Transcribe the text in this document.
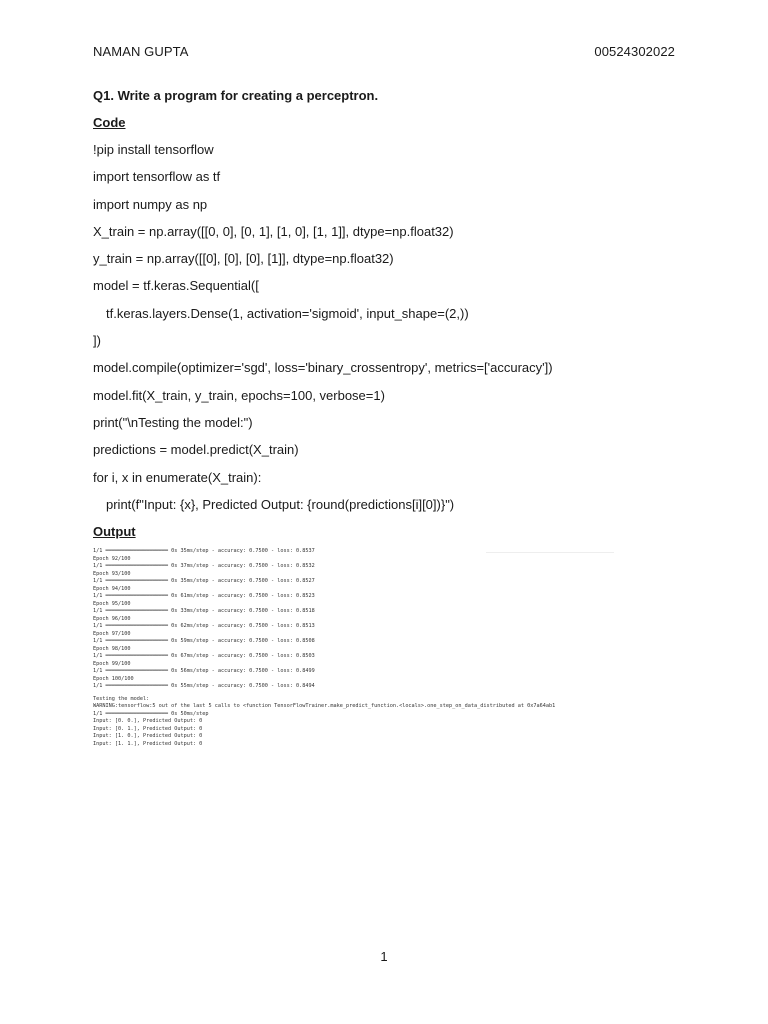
NAMAN GUPTA	00524302022
Q1. Write a program for creating a perceptron.
Code
!pip install tensorflow
import tensorflow as tf
import numpy as np
X_train = np.array([[0, 0], [0, 1], [1, 0], [1, 1]], dtype=np.float32)
y_train = np.array([[0], [0], [0], [1]], dtype=np.float32)
model = tf.keras.Sequential([
tf.keras.layers.Dense(1, activation='sigmoid', input_shape=(2,))
])
model.compile(optimizer='sgd', loss='binary_crossentropy', metrics=['accuracy'])
model.fit(X_train, y_train, epochs=100, verbose=1)
print("\nTesting the model:")
predictions = model.predict(X_train)
for i, x in enumerate(X_train):
print(f"Input: {x}, Predicted Output: {round(predictions[i][0])}")
Output
1/1 ━━━━━━━━━━━━━━━━━━━━ 0s 35ms/step - accuracy: 0.7500 - loss: 0.8537
Epoch 92/100
1/1 ━━━━━━━━━━━━━━━━━━━━ 0s 37ms/step - accuracy: 0.7500 - loss: 0.8532
Epoch 93/100
1/1 ━━━━━━━━━━━━━━━━━━━━ 0s 35ms/step - accuracy: 0.7500 - loss: 0.8527
Epoch 94/100
1/1 ━━━━━━━━━━━━━━━━━━━━ 0s 61ms/step - accuracy: 0.7500 - loss: 0.8523
Epoch 95/100
1/1 ━━━━━━━━━━━━━━━━━━━━ 0s 33ms/step - accuracy: 0.7500 - loss: 0.8518
Epoch 96/100
1/1 ━━━━━━━━━━━━━━━━━━━━ 0s 62ms/step - accuracy: 0.7500 - loss: 0.8513
Epoch 97/100
1/1 ━━━━━━━━━━━━━━━━━━━━ 0s 59ms/step - accuracy: 0.7500 - loss: 0.8508
Epoch 98/100
1/1 ━━━━━━━━━━━━━━━━━━━━ 0s 67ms/step - accuracy: 0.7500 - loss: 0.8503
Epoch 99/100
1/1 ━━━━━━━━━━━━━━━━━━━━ 0s 56ms/step - accuracy: 0.7500 - loss: 0.8499
Epoch 100/100
1/1 ━━━━━━━━━━━━━━━━━━━━ 0s 55ms/step - accuracy: 0.7500 - loss: 0.8494
Testing the model:
WARNING:tensorflow:5 out of the last 5 calls to <function TensorFlowTrainer.make_predict_function.<locals>.one_step_on_data_distributed at 0x7a64ab1
1/1 ━━━━━━━━━━━━━━━━━━━━ 0s 50ms/step
Input: [0. 0.], Predicted Output: 0
Input: [0. 1.], Predicted Output: 0
Input: [1. 0.], Predicted Output: 0
Input: [1. 1.], Predicted Output: 0
1
